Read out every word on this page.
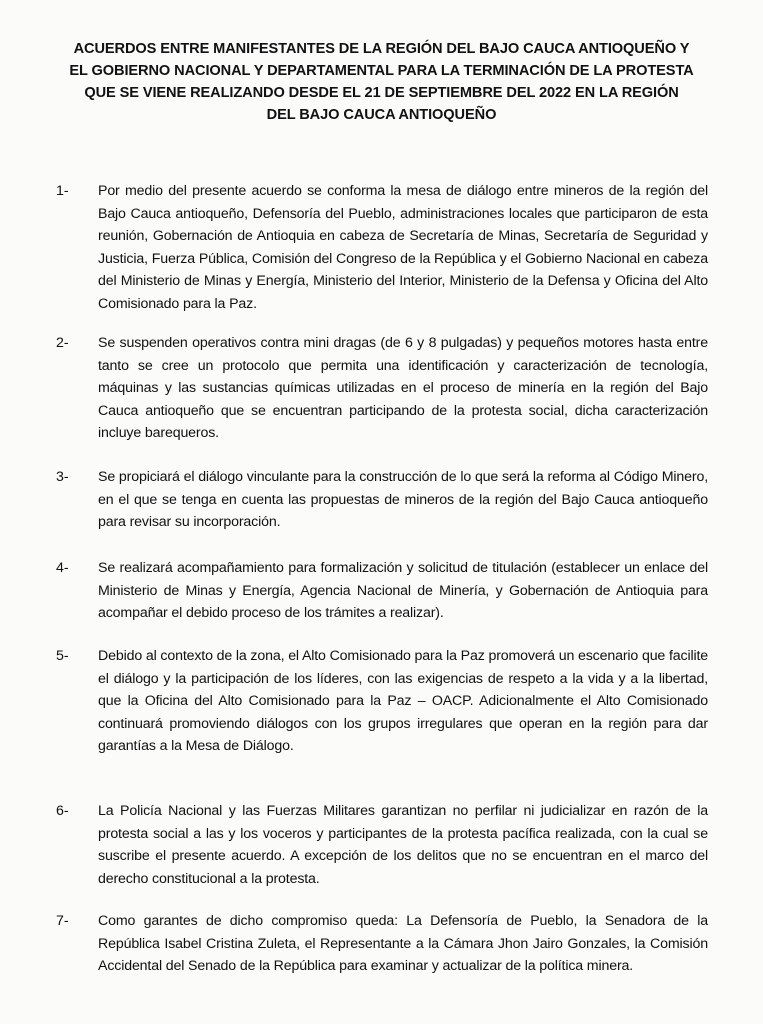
ACUERDOS ENTRE MANIFESTANTES DE LA REGIÓN DEL BAJO CAUCA ANTIOQUEÑO Y EL GOBIERNO NACIONAL Y DEPARTAMENTAL PARA LA TERMINACIÓN DE LA PROTESTA QUE SE VIENE REALIZANDO DESDE EL 21 DE SEPTIEMBRE DEL 2022 EN LA REGIÓN DEL BAJO CAUCA ANTIOQUEÑO
1-	Por medio del presente acuerdo se conforma la mesa de diálogo entre mineros de la región del Bajo Cauca antioqueño, Defensoría del Pueblo, administraciones locales que participaron de esta reunión, Gobernación de Antioquia en cabeza de Secretaría de Minas, Secretaría de Seguridad y Justicia, Fuerza Pública, Comisión del Congreso de la República y el Gobierno Nacional en cabeza del Ministerio de Minas y Energía, Ministerio del Interior, Ministerio de la Defensa y Oficina del Alto Comisionado para la Paz.
2-	Se suspenden operativos contra mini dragas (de 6 y 8 pulgadas) y pequeños motores hasta entre tanto se cree un protocolo que permita una identificación y caracterización de tecnología, máquinas y las sustancias químicas utilizadas en el proceso de minería en la región del Bajo Cauca antioqueño que se encuentran participando de la protesta social, dicha caracterización incluye barequeros.
3-	Se propiciará el diálogo vinculante para la construcción de lo que será la reforma al Código Minero, en el que se tenga en cuenta las propuestas de mineros de la región del Bajo Cauca antioqueño para revisar su incorporación.
4-	Se realizará acompañamiento para formalización y solicitud de titulación (establecer un enlace del Ministerio de Minas y Energía, Agencia Nacional de Minería, y Gobernación de Antioquia para acompañar el debido proceso de los trámites a realizar).
5-	Debido al contexto de la zona, el Alto Comisionado para la Paz promoverá un escenario que facilite el diálogo y la participación de los líderes, con las exigencias de respeto a la vida y a la libertad, que la Oficina del Alto Comisionado para la Paz – OACP. Adicionalmente el Alto Comisionado continuará promoviendo diálogos con los grupos irregulares que operan en la región para dar garantías a la Mesa de Diálogo.
6-	La Policía Nacional y las Fuerzas Militares garantizan no perfilar ni judicializar en razón de la protesta social a las y los voceros y participantes de la protesta pacífica realizada, con la cual se suscribe el presente acuerdo. A excepción de los delitos que no se encuentran en el marco del derecho constitucional a la protesta.
7-	Como garantes de dicho compromiso queda: La Defensoría de Pueblo, la Senadora de la República Isabel Cristina Zuleta, el Representante a la Cámara Jhon Jairo Gonzales, la Comisión Accidental del Senado de la República para examinar y actualizar de la política minera.
